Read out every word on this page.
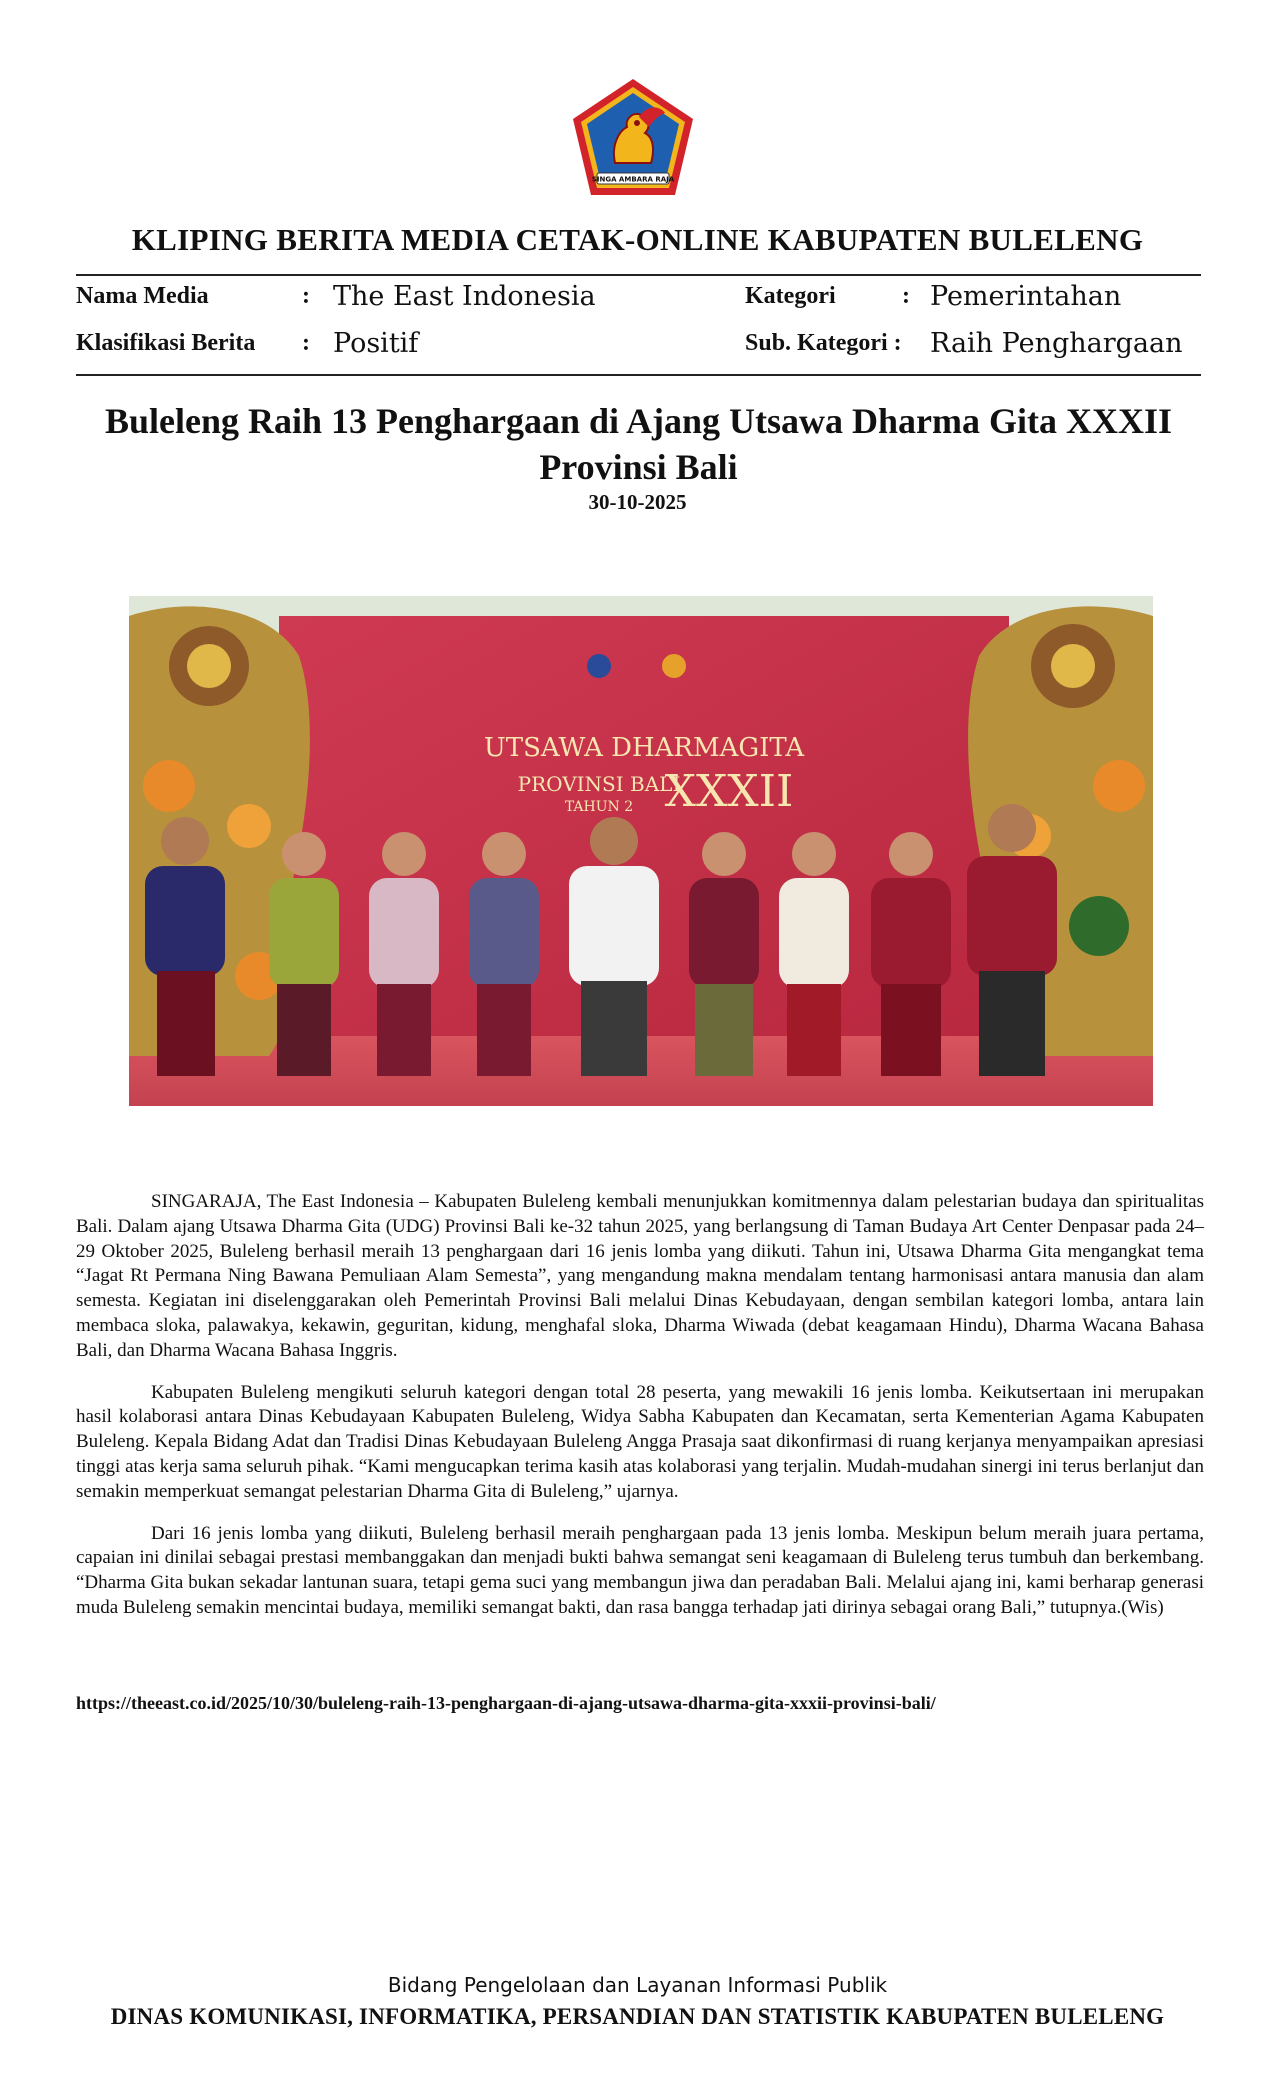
SINGA AMBARA RAJA
KLIPING BERITA MEDIA CETAK-ONLINE KABUPATEN BULELENG
Nama Media	: The East Indonesia	Kategori	: Pemerintahan
Klasifikasi Berita : Positif	Sub. Kategori : Raih Penghargaan
Buleleng Raih 13 Penghargaan di Ajang Utsawa Dharma Gita XXXII Provinsi Bali
30-10-2025
UTSAWA DHARMAGITA
PROVINSI BALI
TAHUN 2 XXXII

SINGARAJA, The East Indonesia – Kabupaten Buleleng kembali menunjukkan komitmennya dalam pelestarian budaya dan spiritualitas Bali. Dalam ajang Utsawa Dharma Gita (UDG) Provinsi Bali ke-32 tahun 2025, yang berlangsung di Taman Budaya Art Center Denpasar pada 24–29 Oktober 2025, Buleleng berhasil meraih 13 penghargaan dari 16 jenis lomba yang diikuti. Tahun ini, Utsawa Dharma Gita mengangkat tema “Jagat Rt Permana Ning Bawana Pemuliaan Alam Semesta”, yang mengandung makna mendalam tentang harmonisasi antara manusia dan alam semesta. Kegiatan ini diselenggarakan oleh Pemerintah Provinsi Bali melalui Dinas Kebudayaan, dengan sembilan kategori lomba, antara lain membaca sloka, palawakya, kekawin, geguritan, kidung, menghafal sloka, Dharma Wiwada (debat keagamaan Hindu), Dharma Wacana Bahasa Bali, dan Dharma Wacana Bahasa Inggris.

Kabupaten Buleleng mengikuti seluruh kategori dengan total 28 peserta, yang mewakili 16 jenis lomba. Keikutsertaan ini merupakan hasil kolaborasi antara Dinas Kebudayaan Kabupaten Buleleng, Widya Sabha Kabupaten dan Kecamatan, serta Kementerian Agama Kabupaten Buleleng. Kepala Bidang Adat dan Tradisi Dinas Kebudayaan Buleleng Angga Prasaja saat dikonfirmasi di ruang kerjanya menyampaikan apresiasi tinggi atas kerja sama seluruh pihak. “Kami mengucapkan terima kasih atas kolaborasi yang terjalin. Mudah-mudahan sinergi ini terus berlanjut dan semakin memperkuat semangat pelestarian Dharma Gita di Buleleng,” ujarnya.

Dari 16 jenis lomba yang diikuti, Buleleng berhasil meraih penghargaan pada 13 jenis lomba. Meskipun belum meraih juara pertama, capaian ini dinilai sebagai prestasi membanggakan dan menjadi bukti bahwa semangat seni keagamaan di Buleleng terus tumbuh dan berkembang. “Dharma Gita bukan sekadar lantunan suara, tetapi gema suci yang membangun jiwa dan peradaban Bali. Melalui ajang ini, kami berharap generasi muda Buleleng semakin mencintai budaya, memiliki semangat bakti, dan rasa bangga terhadap jati dirinya sebagai orang Bali,” tutupnya.(Wis)

https://theeast.co.id/2025/10/30/buleleng-raih-13-penghargaan-di-ajang-utsawa-dharma-gita-xxxii-provinsi-bali/
Bidang Pengelolaan dan Layanan Informasi Publik
DINAS KOMUNIKASI, INFORMATIKA, PERSANDIAN DAN STATISTIK KABUPATEN BULELENG
